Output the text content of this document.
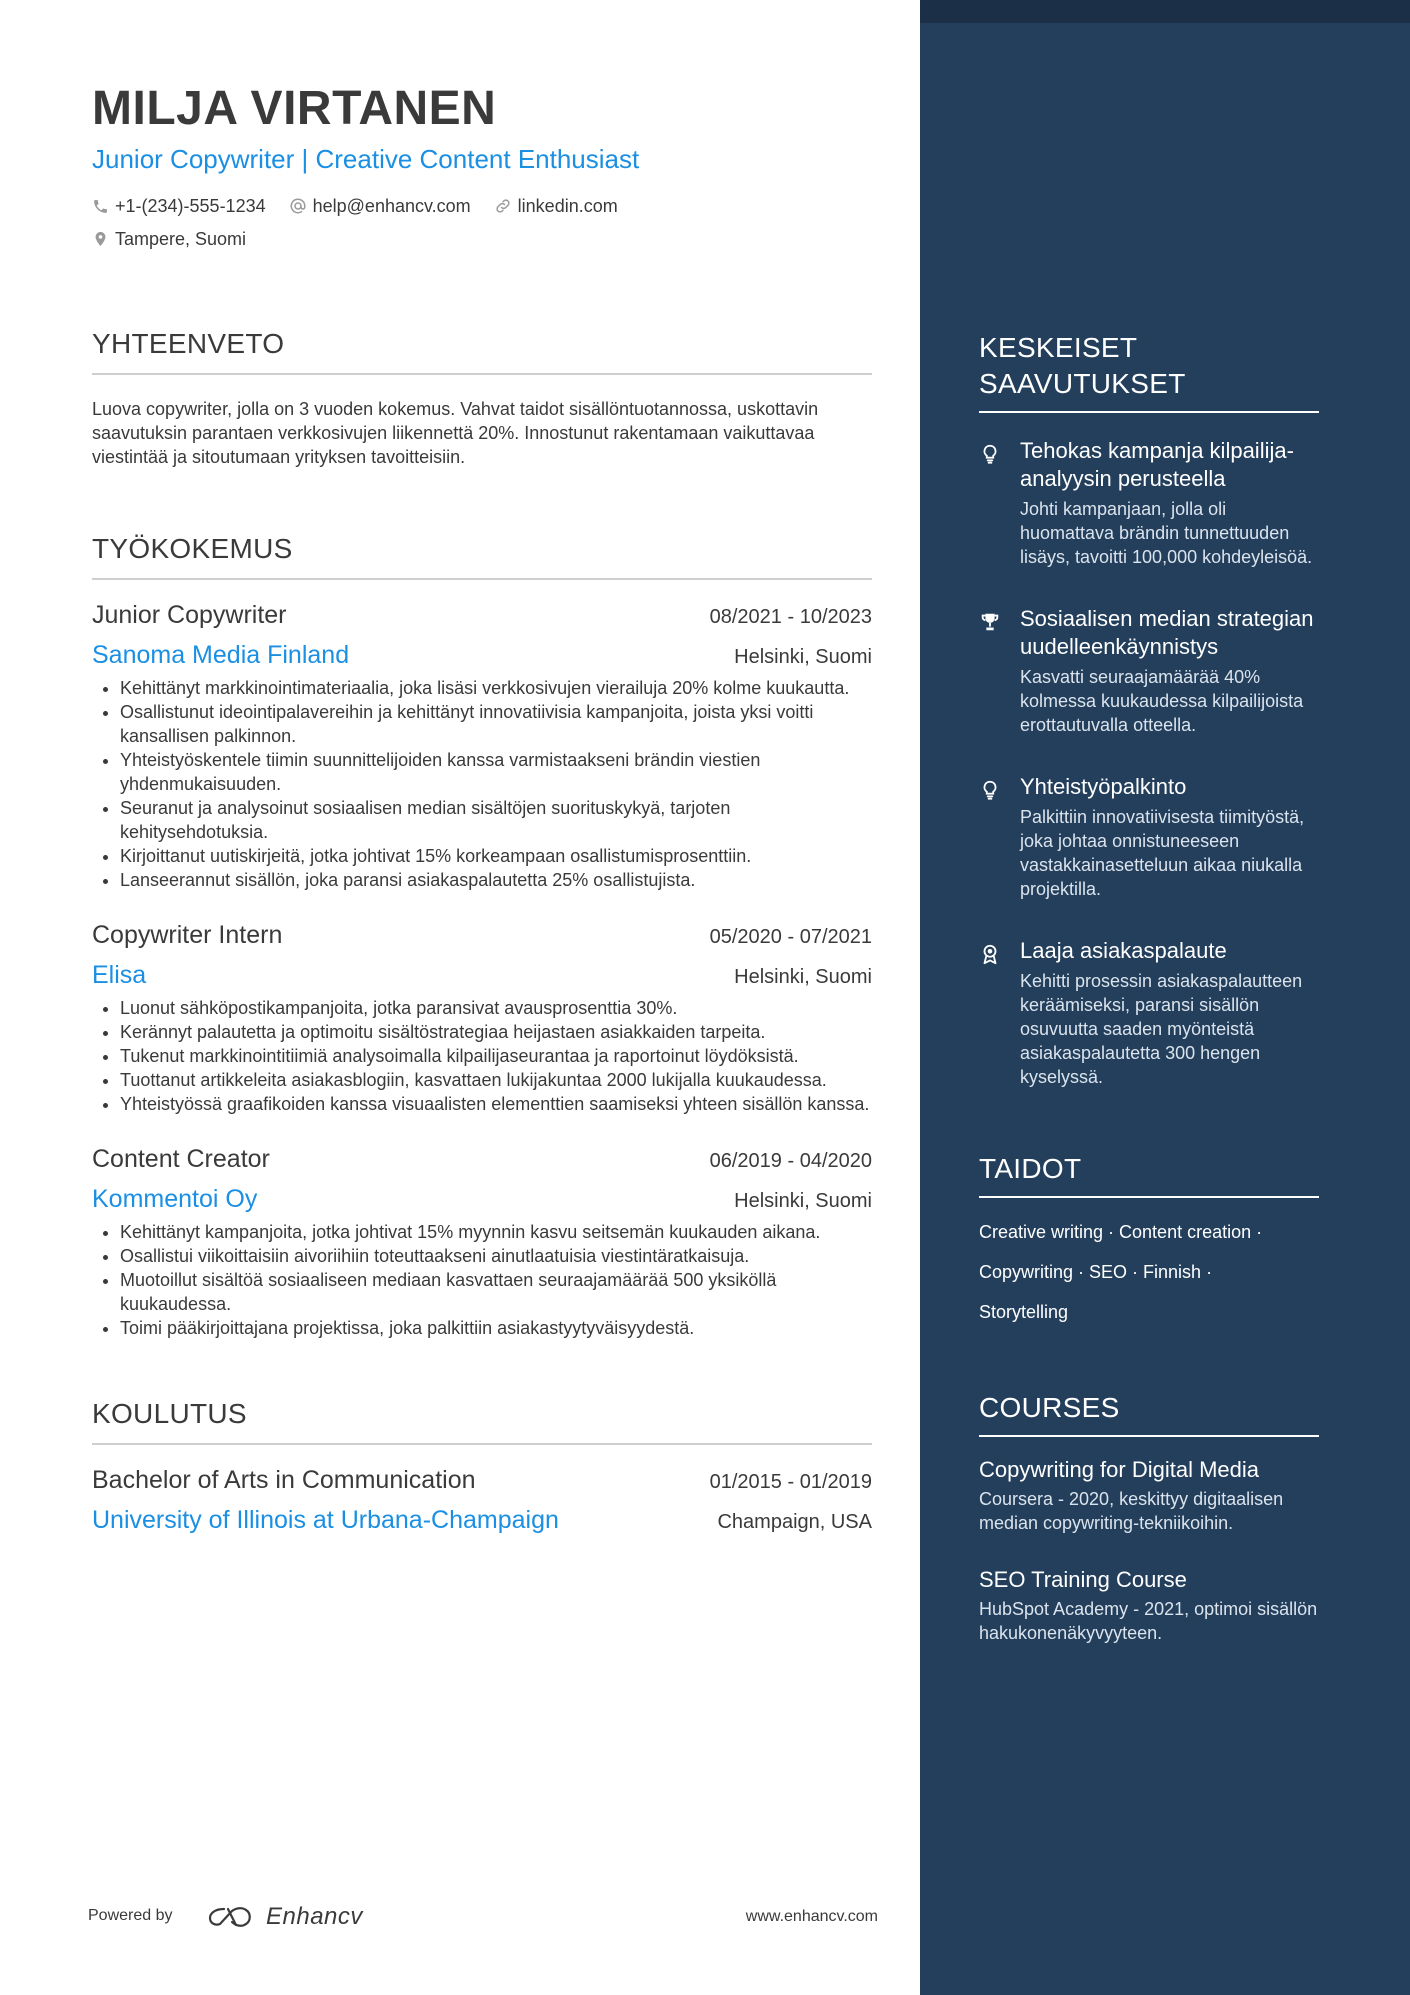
MILJA VIRTANEN
Junior Copywriter | Creative Content Enthusiast
+1-(234)-555-1234	help@enhancv.com	linkedin.com
Tampere, Suomi
YHTEENVETO
Luova copywriter, jolla on 3 vuoden kokemus. Vahvat taidot sisällöntuotannossa, uskottavin saavutuksin parantaen verkkosivujen liikennettä 20%. Innostunut rakentamaan vaikuttavaa viestintää ja sitoutumaan yrityksen tavoitteisiin.
TYÖKOKEMUS
Junior Copywriter	08/2021 - 10/2023
Sanoma Media Finland	Helsinki, Suomi
• Kehittänyt markkinointimateriaalia, joka lisäsi verkkosivujen vierailuja 20% kolme kuukautta.
• Osallistunut ideointipalavereihin ja kehittänyt innovatiivisia kampanjoita, joista yksi voitti kansallisen palkinnon.
• Yhteistyöskentele tiimin suunnittelijoiden kanssa varmistaakseni brändin viestien yhdenmukaisuuden.
• Seuranut ja analysoinut sosiaalisen median sisältöjen suorituskykyä, tarjoten kehitysehdotuksia.
• Kirjoittanut uutiskirjeitä, jotka johtivat 15% korkeampaan osallistumisprosenttiin.
• Lanseerannut sisällön, joka paransi asiakaspalautetta 25% osallistujista.
Copywriter Intern	05/2020 - 07/2021
Elisa	Helsinki, Suomi
• Luonut sähköpostikampanjoita, jotka paransivat avausprosenttia 30%.
• Kerännyt palautetta ja optimoitu sisältöstrategiaa heijastaen asiakkaiden tarpeita.
• Tukenut markkinointitiimiä analysoimalla kilpailijaseurantaa ja raportoinut löydöksistä.
• Tuottanut artikkeleita asiakasblogiin, kasvattaen lukijakuntaa 2000 lukijalla kuukaudessa.
• Yhteistyössä graafikoiden kanssa visuaalisten elementtien saamiseksi yhteen sisällön kanssa.
Content Creator	06/2019 - 04/2020
Kommentoi Oy	Helsinki, Suomi
• Kehittänyt kampanjoita, jotka johtivat 15% myynnin kasvu seitsemän kuukauden aikana.
• Osallistui viikoittaisiin aivoriihiin toteuttaakseni ainutlaatuisia viestintäratkaisuja.
• Muotoillut sisältöä sosiaaliseen mediaan kasvattaen seuraajamäärää 500 yksiköllä kuukaudessa.
• Toimi pääkirjoittajana projektissa, joka palkittiin asiakastyytyväisyydestä.
KOULUTUS
Bachelor of Arts in Communication	01/2015 - 01/2019
University of Illinois at Urbana-Champaign	Champaign, USA
Powered by	Enhancv	www.enhancv.com
KESKEISET SAAVUTUKSET
Tehokas kampanja kilpailija-analyysin perusteella
Johti kampanjaan, jolla oli huomattava brändin tunnettuuden lisäys, tavoitti 100,000 kohdeyleisöä.
Sosiaalisen median strategian uudelleenkäynnistys
Kasvatti seuraajamäärää 40% kolmessa kuukaudessa kilpailijoista erottautuvalla otteella.
Yhteistyöpalkinto
Palkittiin innovatiivisesta tiimityöstä, joka johtaa onnistuneeseen vastakkainasetteluun aikaa niukalla projektilla.
Laaja asiakaspalaute
Kehitti prosessin asiakaspalautteen keräämiseksi, paransi sisällön osuvuutta saaden myönteistä asiakaspalautetta 300 hengen kyselyssä.
TAIDOT
Creative writing · Content creation ·
Copywriting · SEO · Finnish ·
Storytelling
COURSES
Copywriting for Digital Media
Coursera - 2020, keskittyy digitaalisen median copywriting-tekniikoihin.
SEO Training Course
HubSpot Academy - 2021, optimoi sisällön hakukonenäkyvyyteen.
